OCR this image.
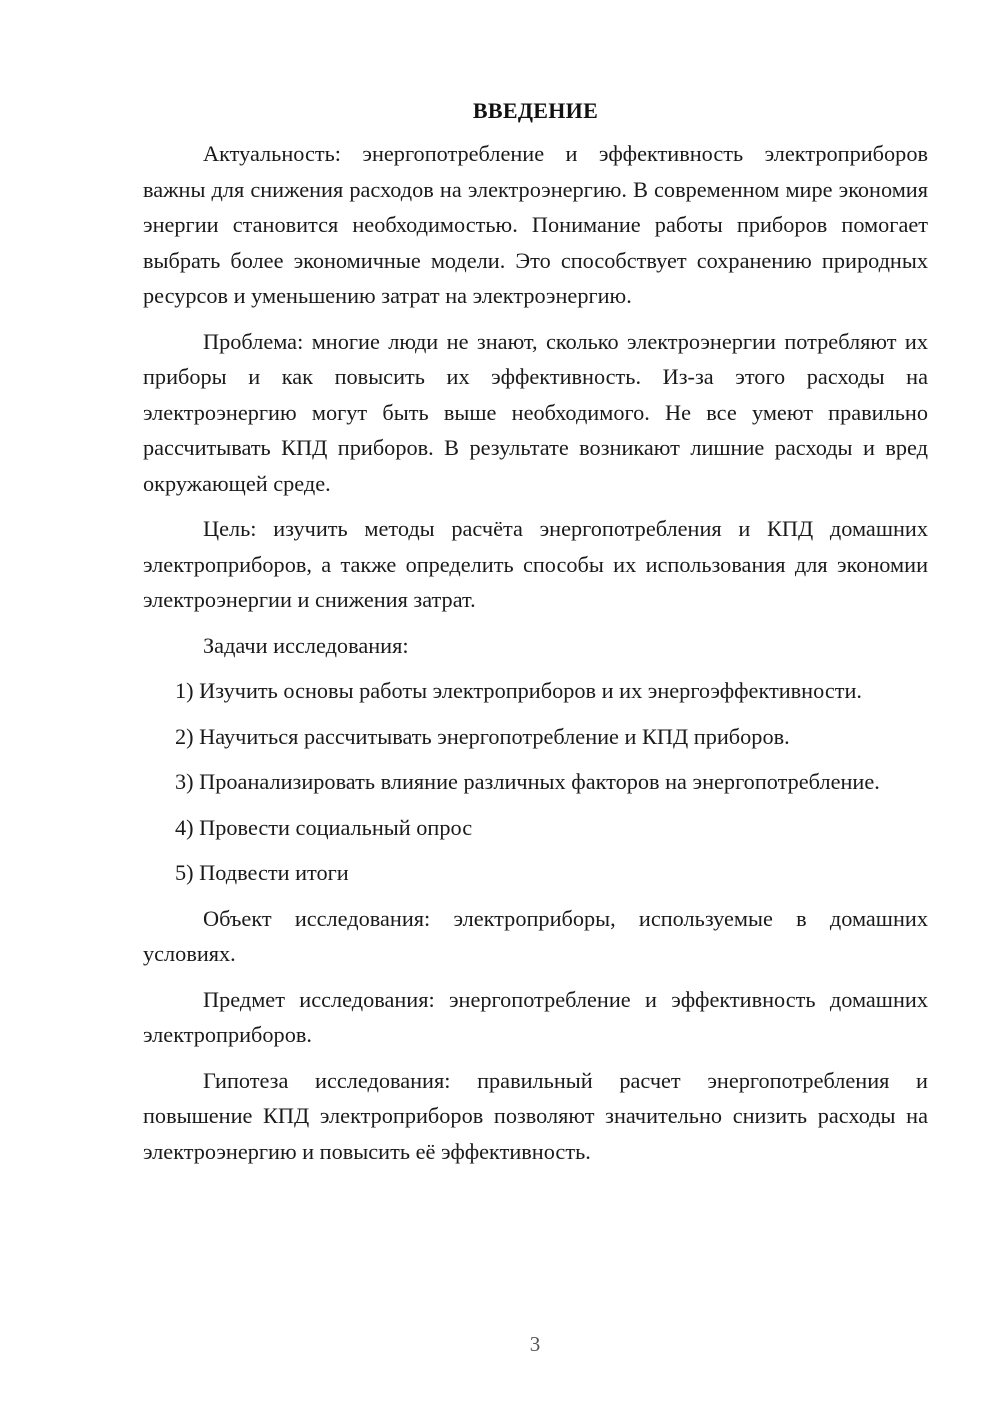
ВВЕДЕНИЕ

Актуальность: энергопотребление и эффективность электроприборов важны для снижения расходов на электроэнергию. В современном мире экономия энергии становится необходимостью. Понимание работы приборов помогает выбрать более экономичные модели. Это способствует сохранению природных ресурсов и уменьшению затрат на электроэнергию.

Проблема: многие люди не знают, сколько электроэнергии потребляют их приборы и как повысить их эффективность. Из-за этого расходы на электроэнергию могут быть выше необходимого. Не все умеют правильно рассчитывать КПД приборов. В результате возникают лишние расходы и вред окружающей среде.

Цель: изучить методы расчёта энергопотребления и КПД домашних электроприборов, а также определить способы их использования для экономии электроэнергии и снижения затрат.

Задачи исследования:

1) Изучить основы работы электроприборов и их энергоэффективности.

2) Научиться рассчитывать энергопотребление и КПД приборов.

3) Проанализировать влияние различных факторов на энергопотребление.

4) Провести социальный опрос

5) Подвести итоги

Объект исследования: электроприборы, используемые в домашних условиях.

Предмет исследования: энергопотребление и эффективность домашних электроприборов.

Гипотеза исследования: правильный расчет энергопотребления и повышение КПД электроприборов позволяют значительно снизить расходы на электроэнергию и повысить её эффективность.

3
